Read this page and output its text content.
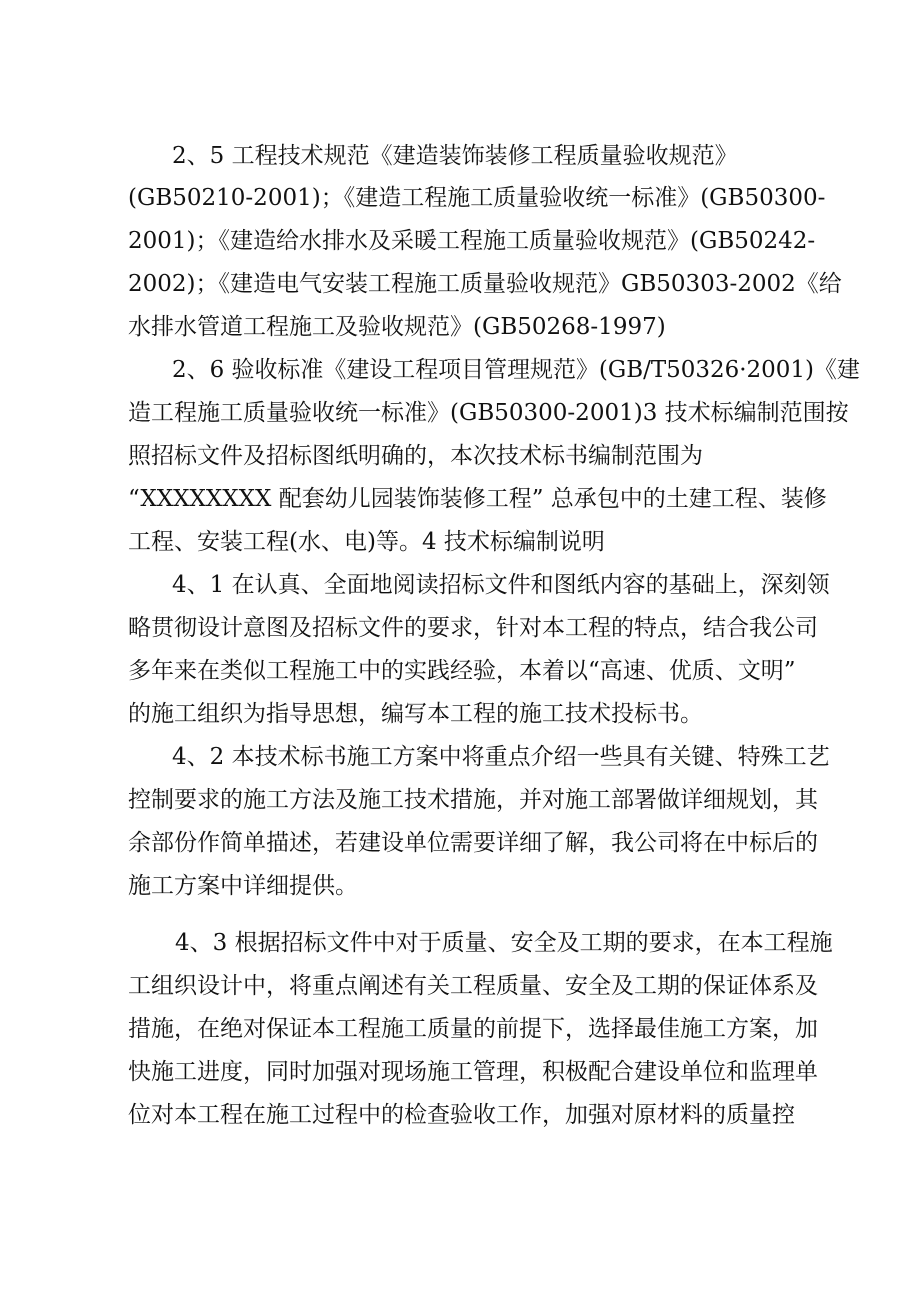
2、5 工程技术规范《建造装饰装修工程质量验收规范》
(GB50210-2001)；《建造工程施工质量验收统一标准》(GB50300-
2001)；《建造给水排水及采暖工程施工质量验收规范》(GB50242-
2002)；《建造电气安装工程施工质量验收规范》GB50303-2002《给
水排水管道工程施工及验收规范》(GB50268-1997)
2、6 验收标准《建设工程项目管理规范》(GB/T50326·2001)《建
造工程施工质量验收统一标准》(GB50300-2001)3 技术标编制范围按
照招标文件及招标图纸明确的，本次技术标书编制范围为
“XXXXXXXX 配套幼儿园装饰装修工程” 总承包中的土建工程、装修
工程、安装工程(水、电)等。4 技术标编制说明
4、1 在认真、全面地阅读招标文件和图纸内容的基础上，深刻领
略贯彻设计意图及招标文件的要求，针对本工程的特点，结合我公司
多年来在类似工程施工中的实践经验，本着以“高速、优质、文明”
的施工组织为指导思想，编写本工程的施工技术投标书。
4、2 本技术标书施工方案中将重点介绍一些具有关键、特殊工艺
控制要求的施工方法及施工技术措施，并对施工部署做详细规划，其
余部份作简单描述，若建设单位需要详细了解，我公司将在中标后的
施工方案中详细提供。
4、3 根据招标文件中对于质量、安全及工期的要求，在本工程施
工组织设计中，将重点阐述有关工程质量、安全及工期的保证体系及
措施，在绝对保证本工程施工质量的前提下，选择最佳施工方案，加
快施工进度，同时加强对现场施工管理，积极配合建设单位和监理单
位对本工程在施工过程中的检查验收工作，加强对原材料的质量控
